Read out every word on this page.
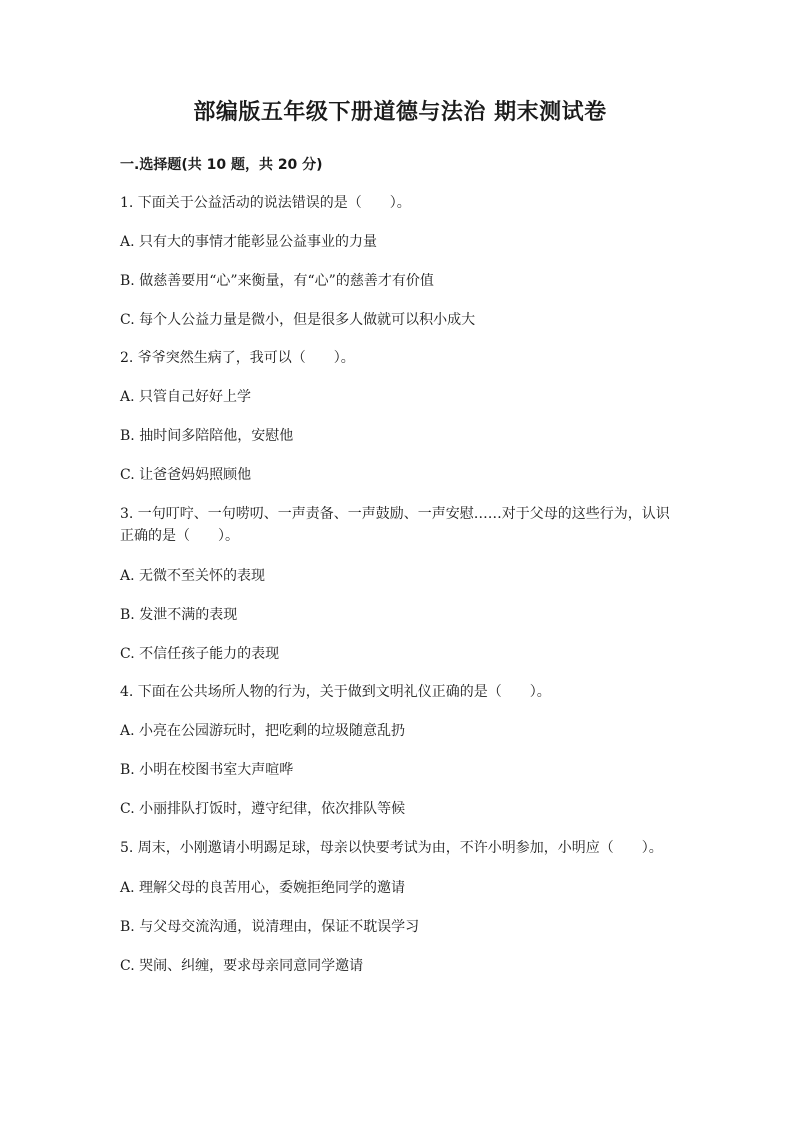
部编版五年级下册道德与法治 期末测试卷
一.选择题(共 10 题，共 20 分)
1. 下面关于公益活动的说法错误的是（　　）。
A. 只有大的事情才能彰显公益事业的力量
B. 做慈善要用“心”来衡量，有“心”的慈善才有价值
C. 每个人公益力量是微小，但是很多人做就可以积小成大
2. 爷爷突然生病了，我可以（　　）。
A. 只管自己好好上学
B. 抽时间多陪陪他，安慰他
C. 让爸爸妈妈照顾他
3. 一句叮咛、一句唠叨、一声责备、一声鼓励、一声安慰……对于父母的这些行为，认识正确的是（　　）。
A. 无微不至关怀的表现
B. 发泄不满的表现
C. 不信任孩子能力的表现
4. 下面在公共场所人物的行为，关于做到文明礼仪正确的是（　　）。
A. 小亮在公园游玩时，把吃剩的垃圾随意乱扔
B. 小明在校图书室大声喧哗
C. 小丽排队打饭时，遵守纪律，依次排队等候
5. 周末，小刚邀请小明踢足球，母亲以快要考试为由，不许小明参加，小明应（　　）。
A. 理解父母的良苦用心，委婉拒绝同学的邀请
B. 与父母交流沟通，说清理由，保证不耽误学习
C. 哭闹、纠缠，要求母亲同意同学邀请
